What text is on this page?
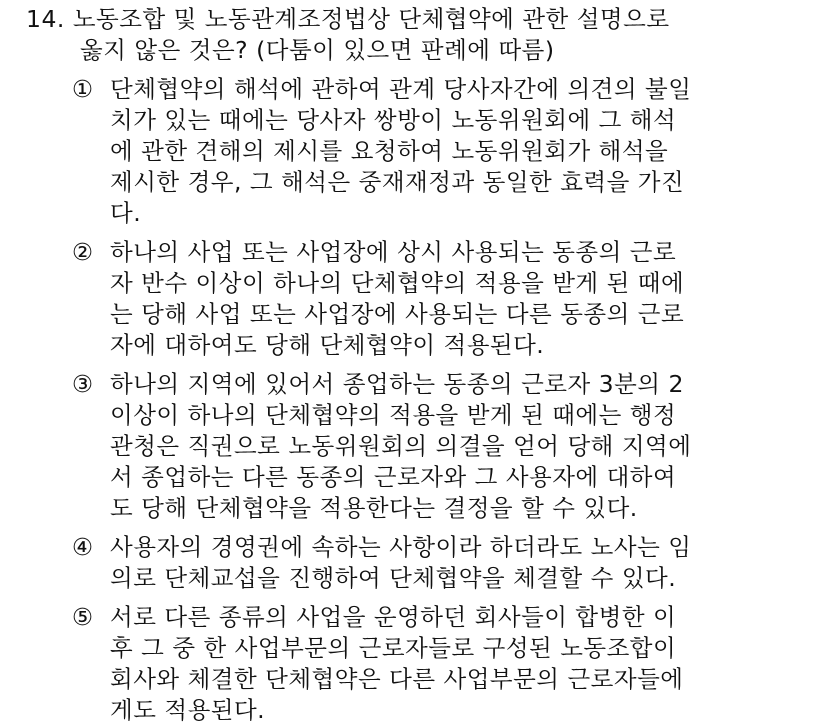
14. 노동조합 및 노동관계조정법상 단체협약에 관한 설명으로
옳지 않은 것은? (다툼이 있으면 판례에 따름)
① 단체협약의 해석에 관하여 관계 당사자간에 의견의 불일
치가 있는 때에는 당사자 쌍방이 노동위원회에 그 해석
에 관한 견해의 제시를 요청하여 노동위원회가 해석을
제시한 경우, 그 해석은 중재재정과 동일한 효력을 가진
다.
② 하나의 사업 또는 사업장에 상시 사용되는 동종의 근로
자 반수 이상이 하나의 단체협약의 적용을 받게 된 때에
는 당해 사업 또는 사업장에 사용되는 다른 동종의 근로
자에 대하여도 당해 단체협약이 적용된다.
③ 하나의 지역에 있어서 종업하는 동종의 근로자 3분의 2
이상이 하나의 단체협약의 적용을 받게 된 때에는 행정
관청은 직권으로 노동위원회의 의결을 얻어 당해 지역에
서 종업하는 다른 동종의 근로자와 그 사용자에 대하여
도 당해 단체협약을 적용한다는 결정을 할 수 있다.
④ 사용자의 경영권에 속하는 사항이라 하더라도 노사는 임
의로 단체교섭을 진행하여 단체협약을 체결할 수 있다.
⑤ 서로 다른 종류의 사업을 운영하던 회사들이 합병한 이
후 그 중 한 사업부문의 근로자들로 구성된 노동조합이
회사와 체결한 단체협약은 다른 사업부문의 근로자들에
게도 적용된다.
